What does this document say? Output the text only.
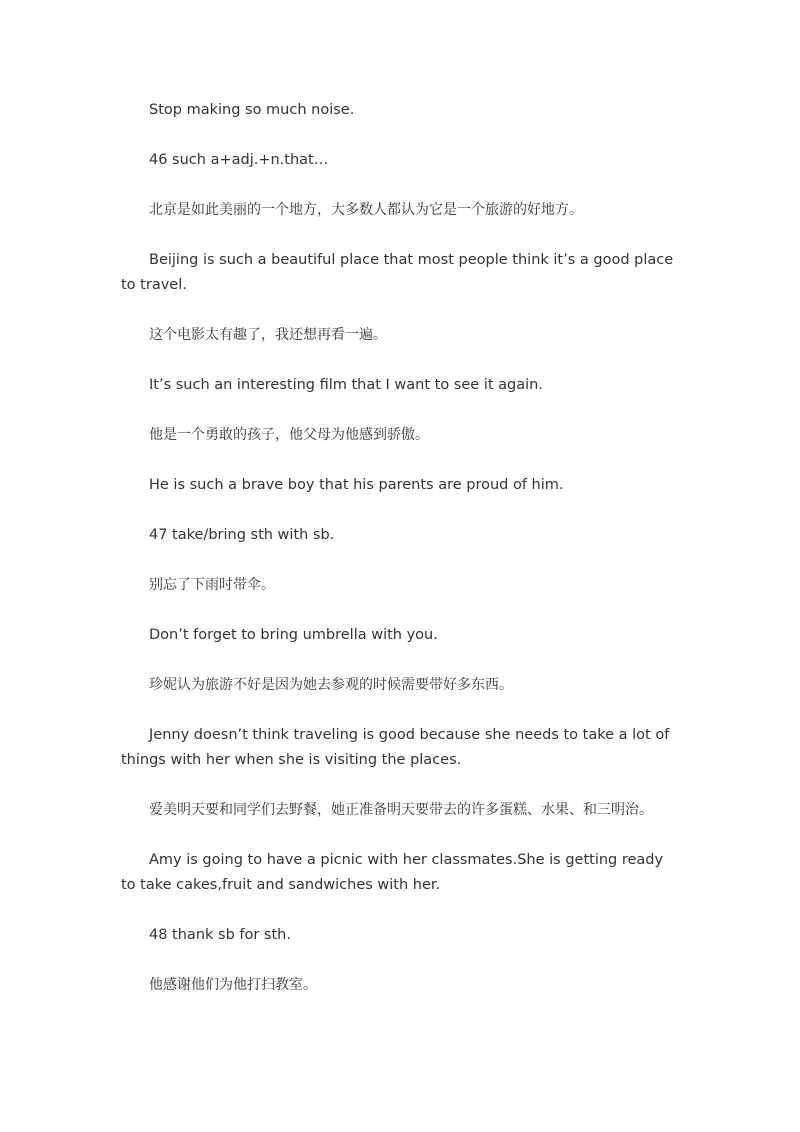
Stop making so much noise.

46 such a+adj.+n.that…

北京是如此美丽的一个地方，大多数人都认为它是一个旅游的好地方。

Beijing is such a beautiful place that most people think it’s a good place to travel.

这个电影太有趣了，我还想再看一遍。

It’s such an interesting film that I want to see it again.

他是一个勇敢的孩子，他父母为他感到骄傲。

He is such a brave boy that his parents are proud of him.

47 take/bring sth with sb.

别忘了下雨时带伞。

Don’t forget to bring umbrella with you.

珍妮认为旅游不好是因为她去参观的时候需要带好多东西。

Jenny doesn’t think traveling is good because she needs to take a lot of things with her when she is visiting the places.

爱美明天要和同学们去野餐，她正准备明天要带去的许多蛋糕、水果、和三明治。

Amy is going to have a picnic with her classmates.She is getting ready to take cakes,fruit and sandwiches with her.

48 thank sb for sth.

他感谢他们为他打扫教室。
